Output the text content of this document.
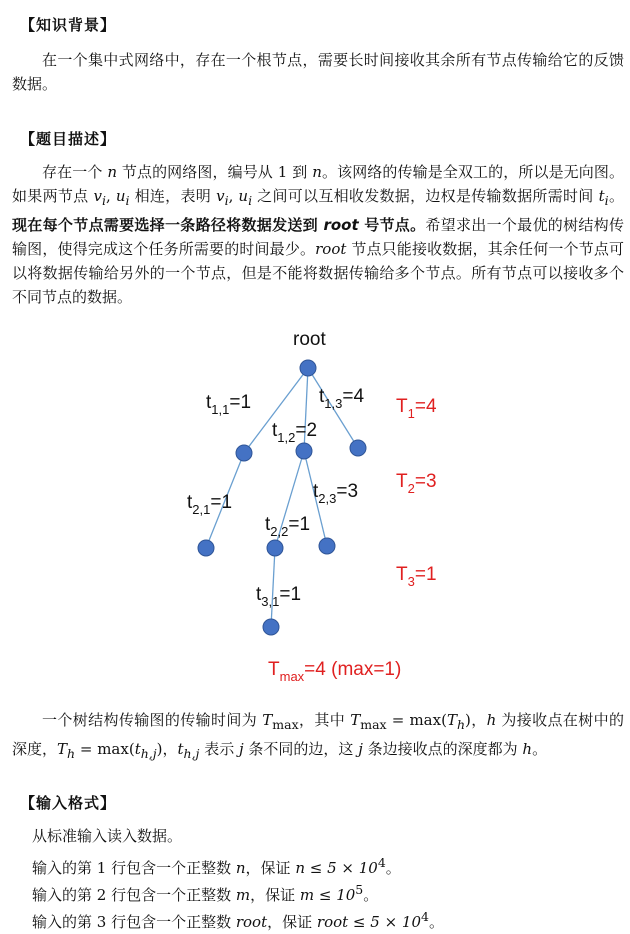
【知识背景】
在一个集中式网络中，存在一个根节点，需要长时间接收其余所有节点传输给它的反馈数据。
【题目描述】
存在一个 n 节点的网络图，编号从 1 到 n。该网络的传输是全双工的，所以是无向图。如果两节点 $v_i$, $u_i$ 相连，表明 $v_i$, $u_i$ 之间可以互相收发数据，边权是传输数据所需时间 $t_i$。现在每个节点需要选择一条路径将数据发送到 root 号节点。希望求出一个最优的树结构传输图，使得完成这个任务所需要的时间最少。root 节点只能接收数据，其余任何一个节点可以将数据传输给另外的一个节点，但是不能将数据传输给多个节点。所有节点可以接收多个不同节点的数据。
root
$t_{1,1}=1$
$t_{1,2}=2$
$t_{1,3}=4$
$t_{2,1}=1$
$t_{2,2}=1$
$t_{2,3}=3$
$t_{3,1}=1$
$T_1=4$
$T_2=3$
$T_3=1$
$T_{max}=4$ (max=1)
一个树结构传输图的传输时间为 $T_{max}$，其中 $T_{max} = \max(T_h)$，h 为接收点在树中的深度，$T_h = \max(t_{h,j})$，$t_{h,j}$ 表示 j 条不同的边，这 j 条边接收点的深度都为 h。
【输入格式】
从标准输入读入数据。
输入的第 1 行包含一个正整数 n，保证 $n \le 5 \times 10^4$。
输入的第 2 行包含一个正整数 m，保证 $m \le 10^5$。
输入的第 3 行包含一个正整数 root，保证 root ≤ $5 \times 10^4$。
